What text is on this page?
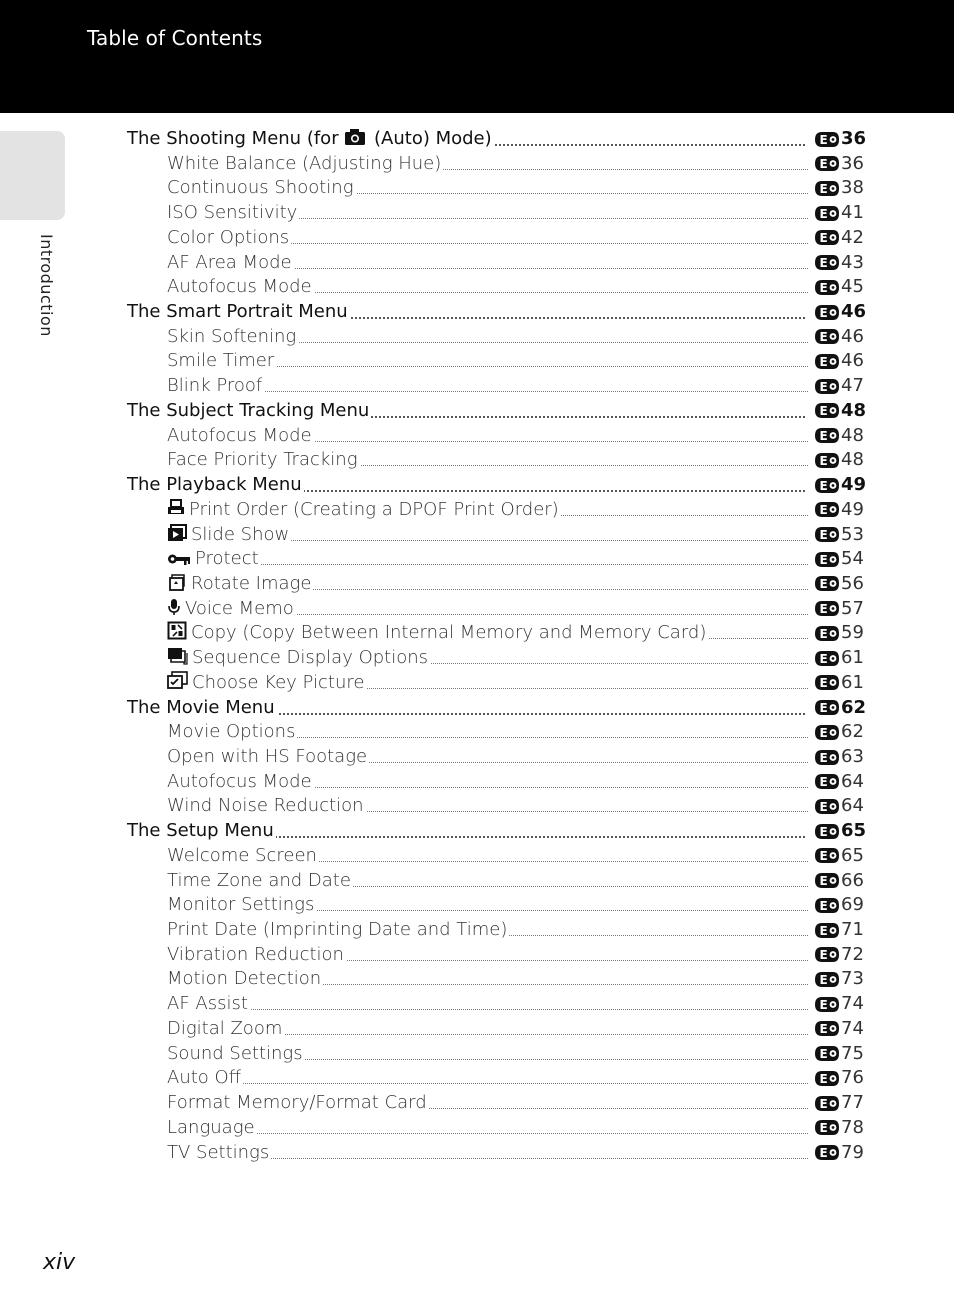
Table of Contents
Introduction
The Shooting Menu (for  (Auto) Mode)	E 36
White Balance (Adjusting Hue)	E 36
Continuous Shooting	E 38
ISO Sensitivity	E 41
Color Options	E 42
AF Area Mode	E 43
Autofocus Mode	E 45
The Smart Portrait Menu	E 46
Skin Softening	E 46
Smile Timer	E 46
Blink Proof	E 47
The Subject Tracking Menu	E 48
Autofocus Mode	E 48
Face Priority Tracking	E 48
The Playback Menu	E 49
Print Order (Creating a DPOF Print Order)	E 49
Slide Show	E 53
Protect	E 54
Rotate Image	E 56
Voice Memo	E 57
Copy (Copy Between Internal Memory and Memory Card)	E 59
Sequence Display Options	E 61
Choose Key Picture	E 61
The Movie Menu	E 62
Movie Options	E 62
Open with HS Footage	E 63
Autofocus Mode	E 64
Wind Noise Reduction	E 64
The Setup Menu	E 65
Welcome Screen	E 65
Time Zone and Date	E 66
Monitor Settings	E 69
Print Date (Imprinting Date and Time)	E 71
Vibration Reduction	E 72
Motion Detection	E 73
AF Assist	E 74
Digital Zoom	E 74
Sound Settings	E 75
Auto Off	E 76
Format Memory/Format Card	E 77
Language	E 78
TV Settings	E 79
xiv
